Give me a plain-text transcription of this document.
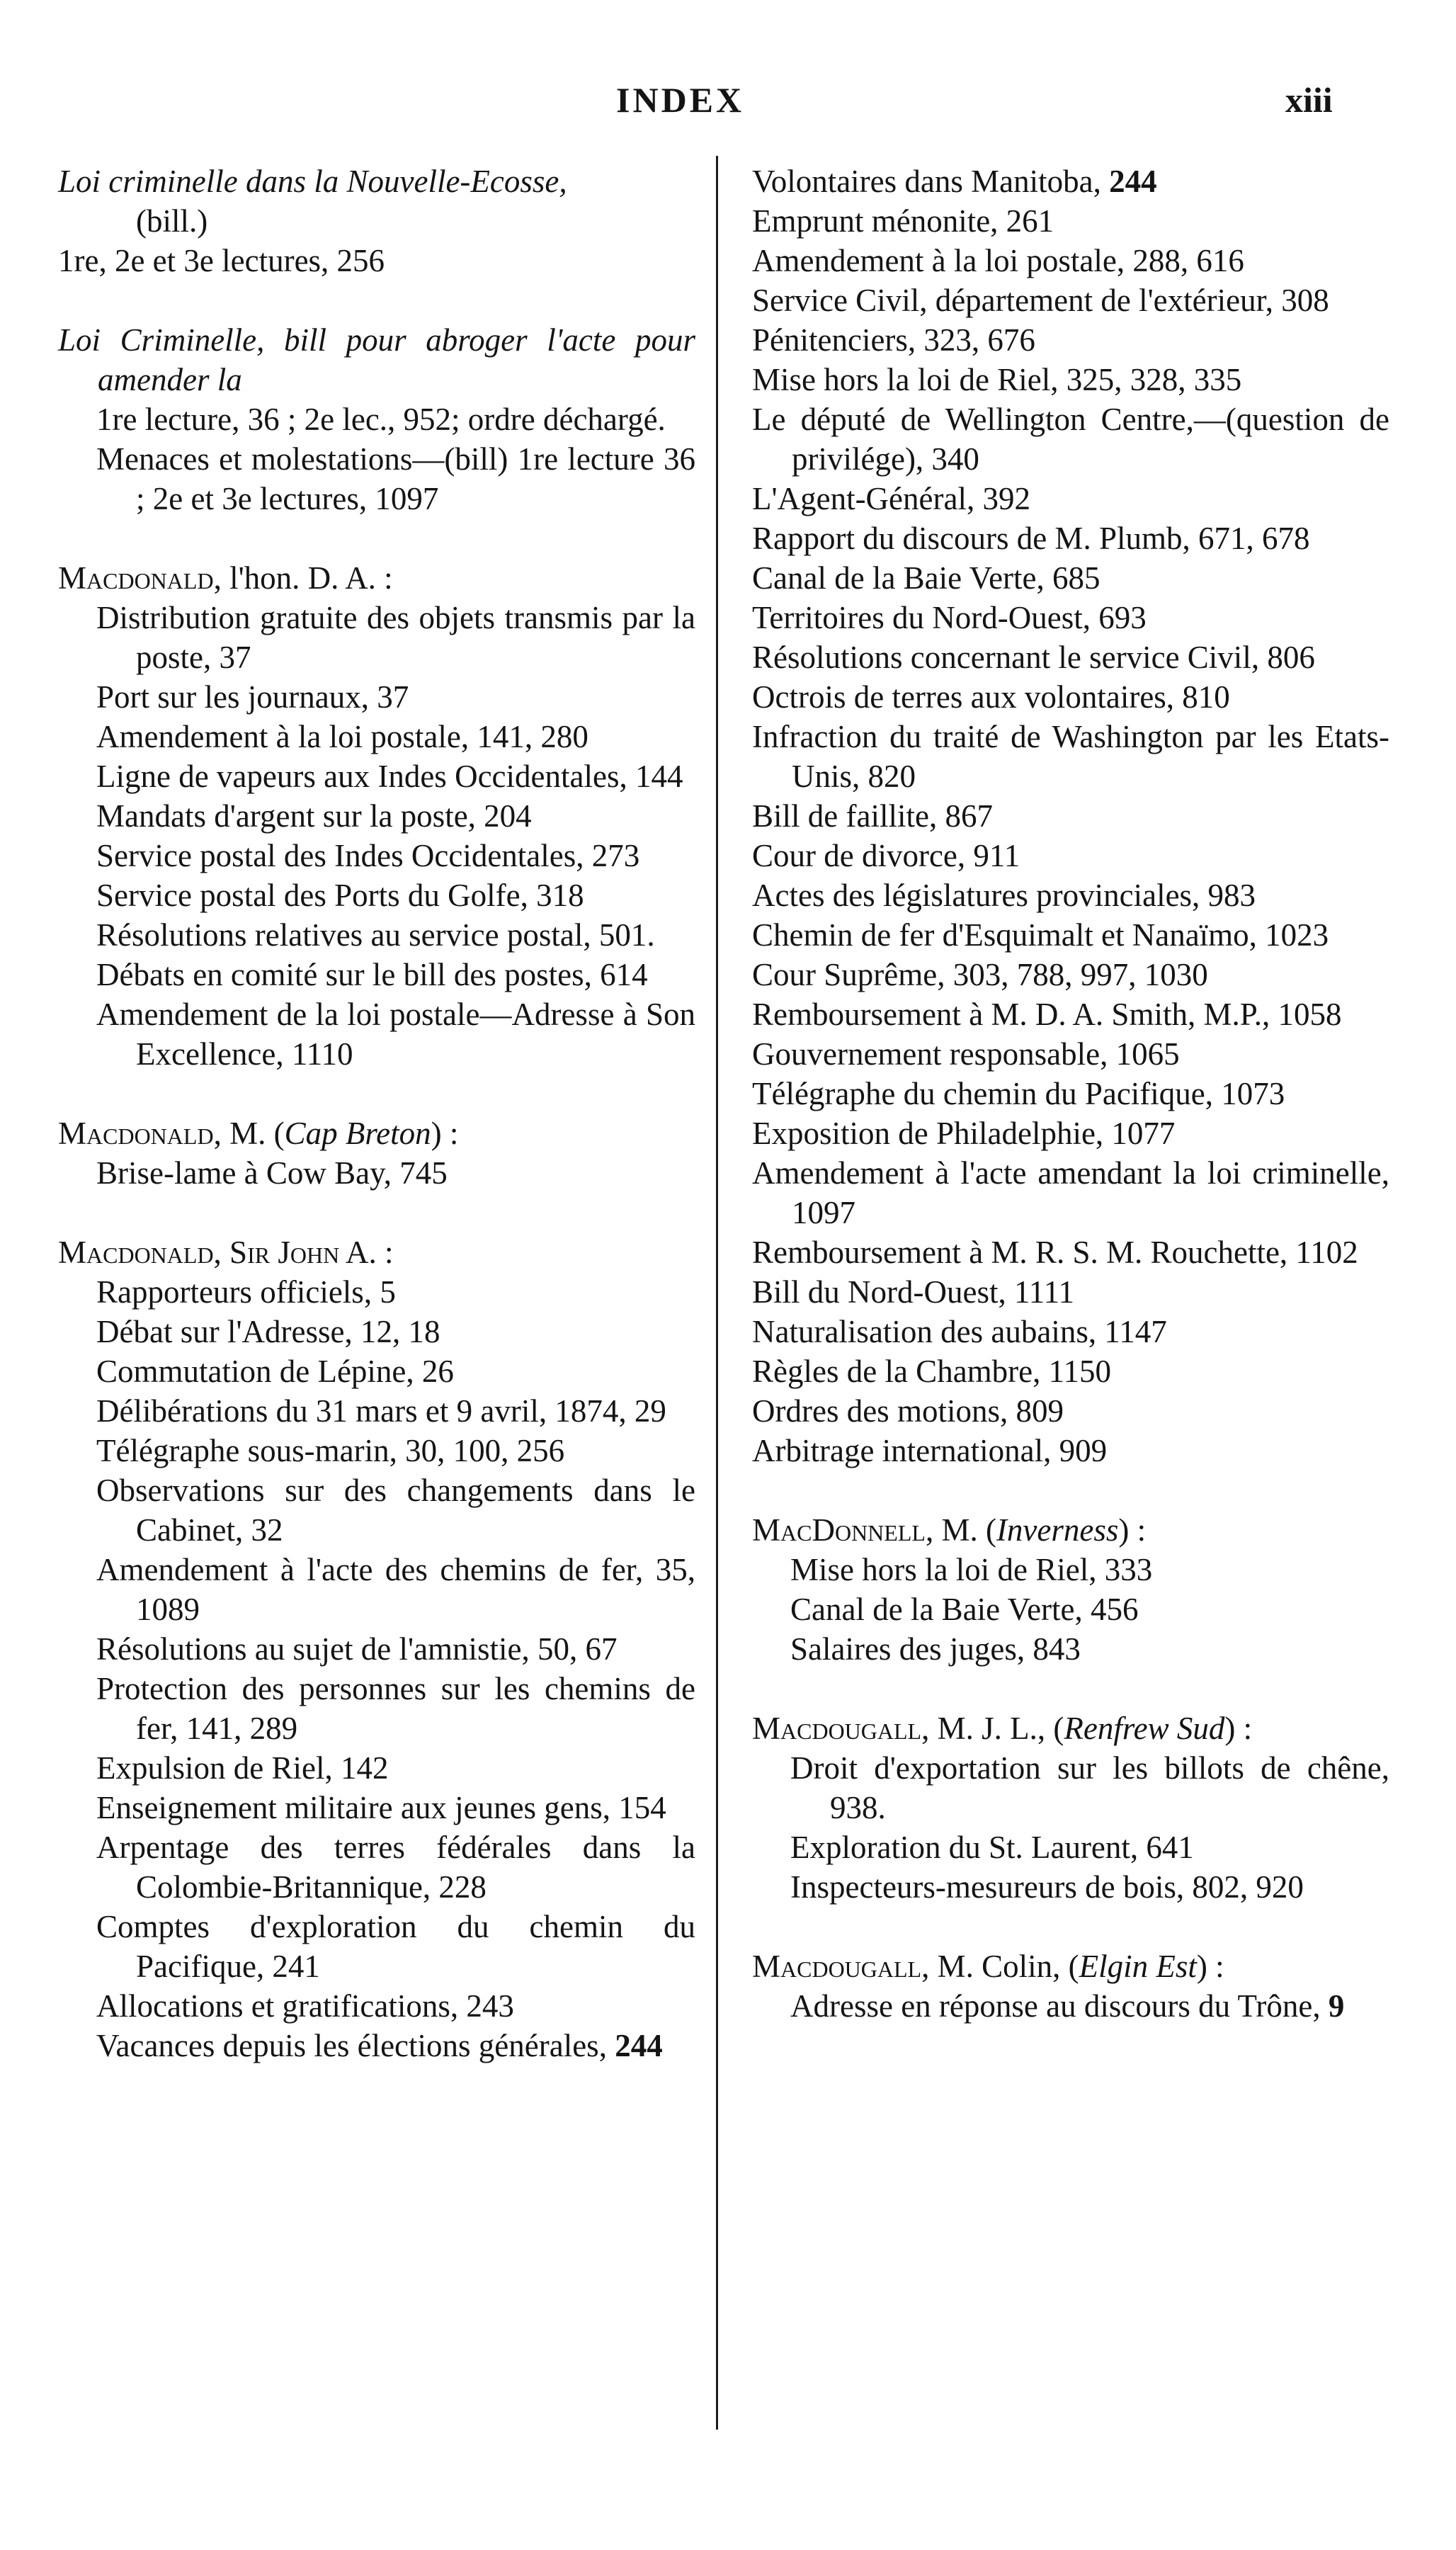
INDEX	xiii

Loi criminelle dans la Nouvelle-Ecosse,
(bill.)
1re, 2e et 3e lectures, 256
Loi Criminelle, bill pour abroger l'acte pour amender la
1re lecture, 36 ; 2e lec., 952; ordre déchargé.
Menaces et molestations—(bill) 1re lecture 36 ; 2e et 3e lectures, 1097
Macdonald, l'hon. D. A. :
Distribution gratuite des objets transmis par la poste, 37
Port sur les journaux, 37
Amendement à la loi postale, 141, 280
Ligne de vapeurs aux Indes Occidentales, 144
Mandats d'argent sur la poste, 204
Service postal des Indes Occidentales, 273
Service postal des Ports du Golfe, 318
Résolutions relatives au service postal, 501.
Débats en comité sur le bill des postes, 614
Amendement de la loi postale—Adresse à Son Excellence, 1110
Macdonald, M. (Cap Breton) :
Brise-lame à Cow Bay, 745
Macdonald, Sir John A. :
Rapporteurs officiels, 5
Débat sur l'Adresse, 12, 18
Commutation de Lépine, 26
Délibérations du 31 mars et 9 avril, 1874, 29
Télégraphe sous-marin, 30, 100, 256
Observations sur des changements dans le Cabinet, 32
Amendement à l'acte des chemins de fer, 35, 1089
Résolutions au sujet de l'amnistie, 50, 67
Protection des personnes sur les chemins de fer, 141, 289
Expulsion de Riel, 142
Enseignement militaire aux jeunes gens, 154
Arpentage des terres fédérales dans la Colombie-Britannique, 228
Comptes d'exploration du chemin du Pacifique, 241
Allocations et gratifications, 243
Vacances depuis les élections générales, 244
Volontaires dans Manitoba, 244
Emprunt ménonite, 261
Amendement à la loi postale, 288, 616
Service Civil, département de l'extérieur, 308
Pénitenciers, 323, 676
Mise hors la loi de Riel, 325, 328, 335
Le député de Wellington Centre,—(question de privilége), 340
L'Agent-Général, 392
Rapport du discours de M. Plumb, 671, 678
Canal de la Baie Verte, 685
Territoires du Nord-Ouest, 693
Résolutions concernant le service Civil, 806
Octrois de terres aux volontaires, 810
Infraction du traité de Washington par les Etats-Unis, 820
Bill de faillite, 867
Cour de divorce, 911
Actes des législatures provinciales, 983
Chemin de fer d'Esquimalt et Nanaïmo, 1023
Cour Suprême, 303, 788, 997, 1030
Remboursement à M. D. A. Smith, M.P., 1058
Gouvernement responsable, 1065
Télégraphe du chemin du Pacifique, 1073
Exposition de Philadelphie, 1077
Amendement à l'acte amendant la loi criminelle, 1097
Remboursement à M. R. S. M. Rouchette, 1102
Bill du Nord-Ouest, 1111
Naturalisation des aubains, 1147
Règles de la Chambre, 1150
Ordres des motions, 809
Arbitrage international, 909
MacDonnell, M. (Inverness) :
Mise hors la loi de Riel, 333
Canal de la Baie Verte, 456
Salaires des juges, 843
Macdougall, M. J. L., (Renfrew Sud) :
Droit d'exportation sur les billots de chêne, 938.
Exploration du St. Laurent, 641
Inspecteurs-mesureurs de bois, 802, 920
Macdougall, M. Colin, (Elgin Est) :
Adresse en réponse au discours du Trône, 9
